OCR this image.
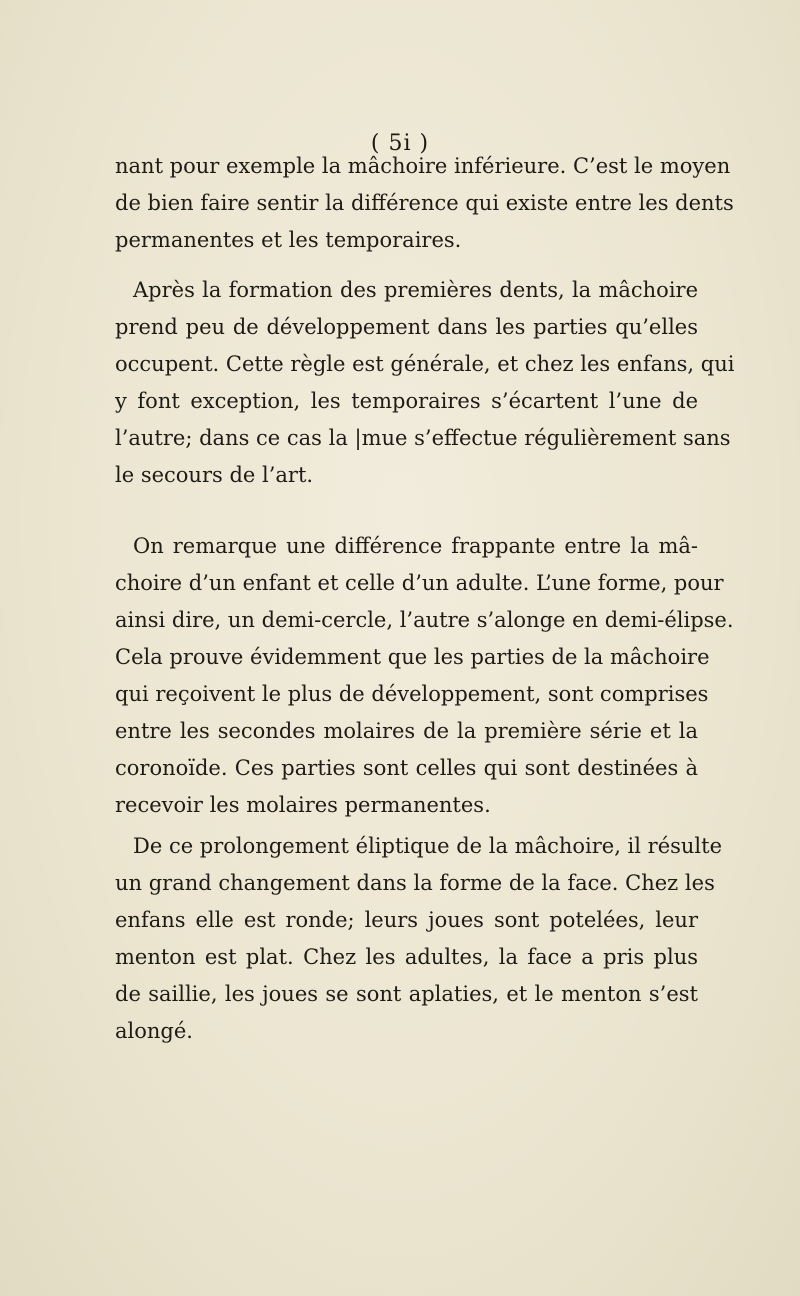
( 5i )
nant pour exemple la mâchoire inférieure. C’est le moyen
de bien faire sentir la différence qui existe entre les dents
permanentes et les temporaires.
Après la formation des premières dents, la mâchoire
prend peu de développement dans les parties qu’elles
occupent. Cette règle est générale, et chez les enfans, qui
y font exception, les temporaires s’écartent l’une de
l’autre; dans ce cas la |mue s’effectue régulièrement sans
le secours de l’art.
On remarque une différence frappante entre la mâ-
choire d’un enfant et celle d’un adulte. L’une forme, pour
ainsi dire, un demi-cercle, l’autre s’alonge en demi-élipse.
Cela prouve évidemment que les parties de la mâchoire
qui reçoivent le plus de développement, sont comprises
entre les secondes molaires de la première série et la
coronoïde. Ces parties sont celles qui sont destinées à
recevoir les molaires permanentes.
De ce prolongement éliptique de la mâchoire, il résulte
un grand changement dans la forme de la face. Chez les
enfans elle est ronde; leurs joues sont potelées, leur
menton est plat. Chez les adultes, la face a pris plus
de saillie, les joues se sont aplaties, et le menton s’est
alongé.
